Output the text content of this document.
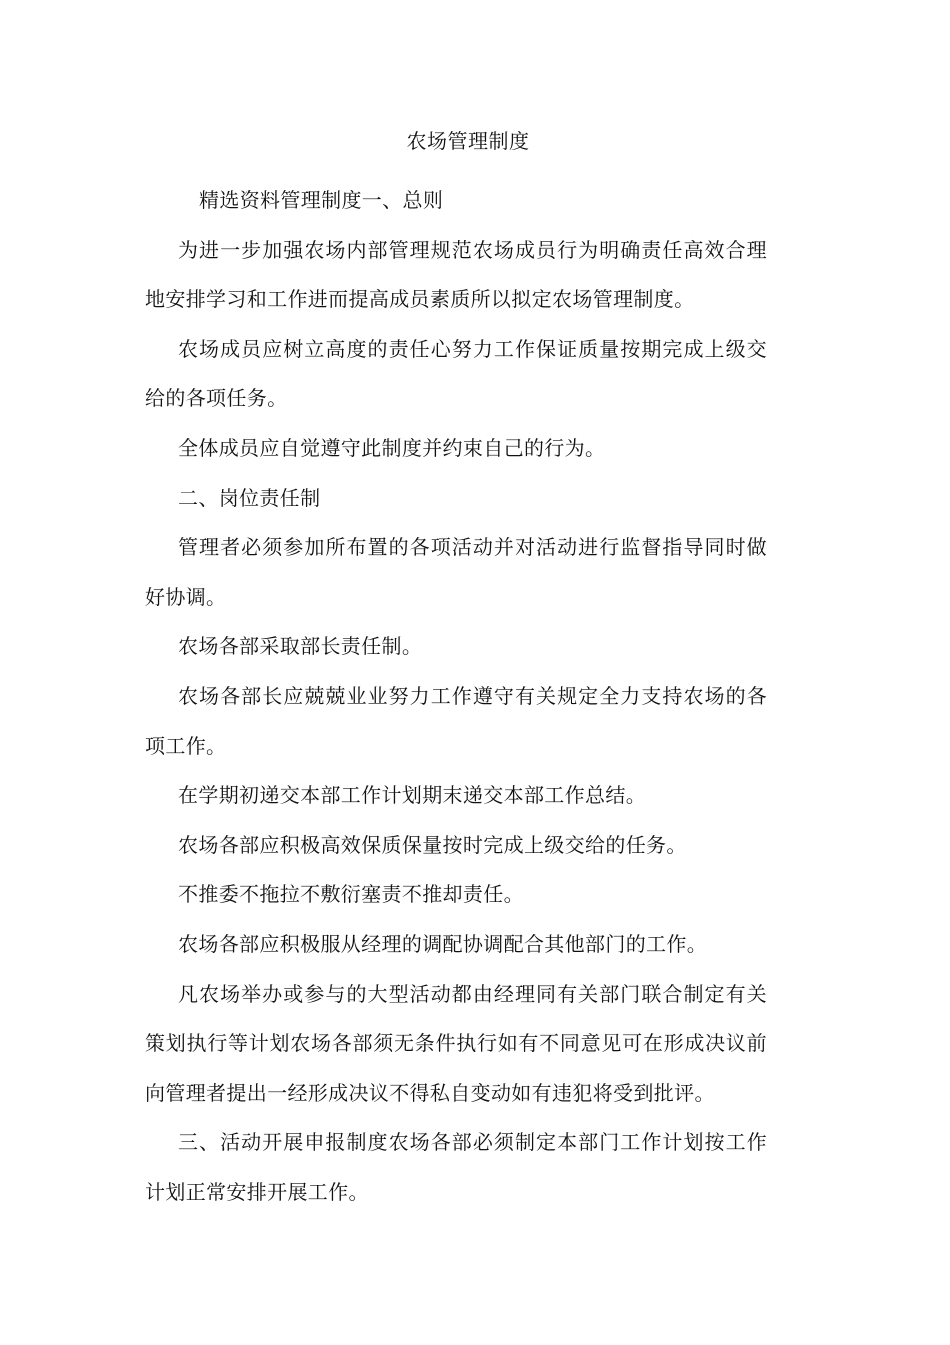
农场管理制度

精选资料管理制度一、总则

为进一步加强农场内部管理规范农场成员行为明确责任高效合理地安排学习和工作进而提高成员素质所以拟定农场管理制度。

农场成员应树立高度的责任心努力工作保证质量按期完成上级交给的各项任务。

全体成员应自觉遵守此制度并约束自己的行为。

二、岗位责任制

管理者必须参加所布置的各项活动并对活动进行监督指导同时做好协调。

农场各部采取部长责任制。

农场各部长应兢兢业业努力工作遵守有关规定全力支持农场的各项工作。

在学期初递交本部工作计划期末递交本部工作总结。

农场各部应积极高效保质保量按时完成上级交给的任务。

不推委不拖拉不敷衍塞责不推却责任。

农场各部应积极服从经理的调配协调配合其他部门的工作。

凡农场举办或参与的大型活动都由经理同有关部门联合制定有关策划执行等计划农场各部须无条件执行如有不同意见可在形成决议前向管理者提出一经形成决议不得私自变动如有违犯将受到批评。

三、活动开展申报制度农场各部必须制定本部门工作计划按工作计划正常安排开展工作。
